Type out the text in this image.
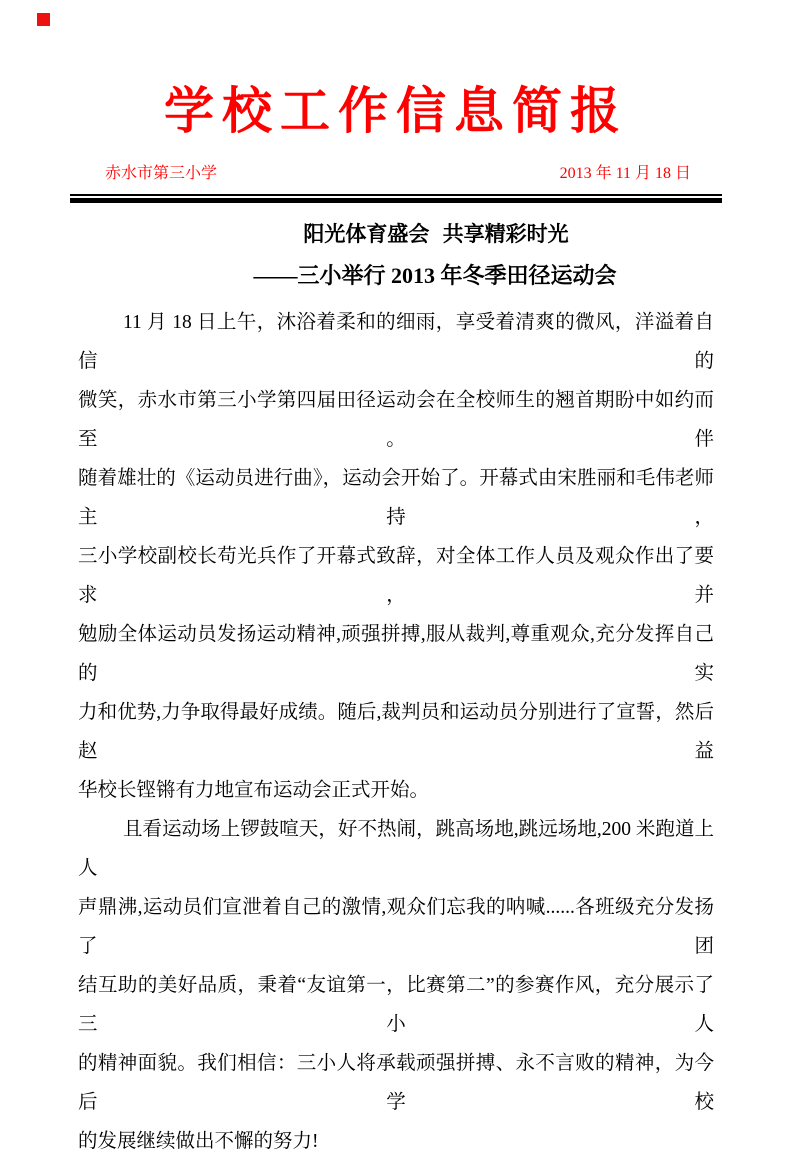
学校工作信息简报
赤水市第三小学	2013 年 11 月 18 日
阳光体育盛会 共享精彩时光
——三小举行 2013 年冬季田径运动会
11 月 18 日上午，沐浴着柔和的细雨，享受着清爽的微风，洋溢着自信的
微笑，赤水市第三小学第四届田径运动会在全校师生的翘首期盼中如约而至。伴
随着雄壮的《运动员进行曲》，运动会开始了。开幕式由宋胜丽和毛伟老师主持，
三小学校副校长苟光兵作了开幕式致辞，对全体工作人员及观众作出了要求，并
勉励全体运动员发扬运动精神,顽强拼搏,服从裁判,尊重观众,充分发挥自己的实
力和优势,力争取得最好成绩。随后,裁判员和运动员分别进行了宣誓，然后赵益
华校长铿锵有力地宣布运动会正式开始。
且看运动场上锣鼓喧天，好不热闹，跳高场地,跳远场地,200 米跑道上人
声鼎沸,运动员们宣泄着自己的激情,观众们忘我的呐喊......各班级充分发扬了团
结互助的美好品质，秉着“友谊第一，比赛第二”的参赛作风，充分展示了三小人
的精神面貌。我们相信：三小人将承载顽强拼搏、永不言败的精神，为今后学校
的发展继续做出不懈的努力!
